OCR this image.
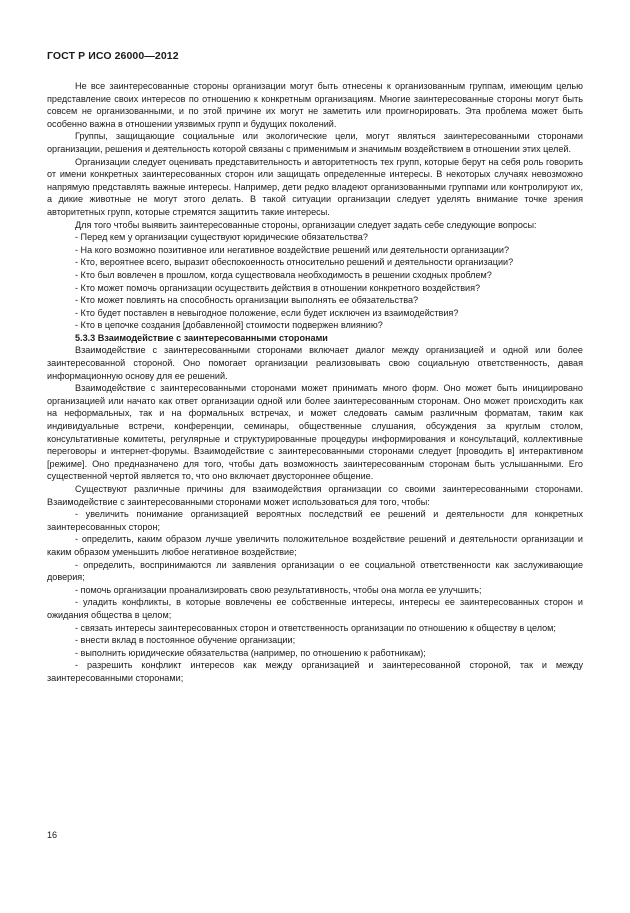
ГОСТ Р ИСО 26000—2012

Не все заинтересованные стороны организации могут быть отнесены к организованным группам, имеющим целью представление своих интересов по отношению к конкретным организациям. Многие заинтересованные стороны могут быть совсем не организованными, и по этой причине их могут не заметить или проигнорировать. Эта проблема может быть особенно важна в отношении уязвимых групп и будущих поколений.

Группы, защищающие социальные или экологические цели, могут являться заинтересованными сторонами организации, решения и деятельность которой связаны с применимым и значимым воздействием в отношении этих целей.

Организации следует оценивать представительность и авторитетность тех групп, которые берут на себя роль говорить от имени конкретных заинтересованных сторон или защищать определенные интересы. В некоторых случаях невозможно напрямую представлять важные интересы. Например, дети редко владеют организованными группами или контролируют их, а дикие животные не могут этого делать. В такой ситуации организации следует уделять внимание точке зрения авторитетных групп, которые стремятся защитить такие интересы.

Для того чтобы выявить заинтересованные стороны, организации следует задать себе следующие вопросы:

- Перед кем у организации существуют юридические обязательства?

- На кого возможно позитивное или негативное воздействие решений или деятельности организации?

- Кто, вероятнее всего, выразит обеспокоенность относительно решений и деятельности организации?

- Кто был вовлечен в прошлом, когда существовала необходимость в решении сходных проблем?

- Кто может помочь организации осуществить действия в отношении конкретного воздействия?

- Кто может повлиять на способность организации выполнять ее обязательства?

- Кто будет поставлен в невыгодное положение, если будет исключен из взаимодействия?

- Кто в цепочке создания [добавленной] стоимости подвержен влиянию?

5.3.3 Взаимодействие с заинтересованными сторонами

Взаимодействие с заинтересованными сторонами включает диалог между организацией и одной или более заинтересованной стороной. Оно помогает организации реализовывать свою социальную ответственность, давая информационную основу для ее решений.

Взаимодействие с заинтересованными сторонами может принимать много форм. Оно может быть инициировано организацией или начато как ответ организации одной или более заинтересованным сторонам. Оно может происходить как на неформальных, так и на формальных встречах, и может следовать самым различным форматам, таким как индивидуальные встречи, конференции, семинары, общественные слушания, обсуждения за круглым столом, консультативные комитеты, регулярные и структурированные процедуры информирования и консультаций, коллективные переговоры и интернет-форумы. Взаимодействие с заинтересованными сторонами следует [проводить в] интерактивном [режиме]. Оно предназначено для того, чтобы дать возможность заинтересованным сторонам быть услышанными. Его существенной чертой является то, что оно включает двустороннее общение.

Существуют различные причины для взаимодействия организации со своими заинтересованными сторонами. Взаимодействие с заинтересованными сторонами может использоваться для того, чтобы:

- увеличить понимание организацией вероятных последствий ее решений и деятельности для конкретных заинтересованных сторон;

- определить, каким образом лучше увеличить положительное воздействие решений и деятельности организации и каким образом уменьшить любое негативное воздействие;

- определить, воспринимаются ли заявления организации о ее социальной ответственности как заслуживающие доверия;

- помочь организации проанализировать свою результативность, чтобы она могла ее улучшить;

- уладить конфликты, в которые вовлечены ее собственные интересы, интересы ее заинтересованных сторон и ожидания общества в целом;

- связать интересы заинтересованных сторон и ответственность организации по отношению к обществу в целом;

- внести вклад в постоянное обучение организации;

- выполнить юридические обязательства (например, по отношению к работникам);

- разрешить конфликт интересов как между организацией и заинтересованной стороной, так и между заинтересованными сторонами;

16
